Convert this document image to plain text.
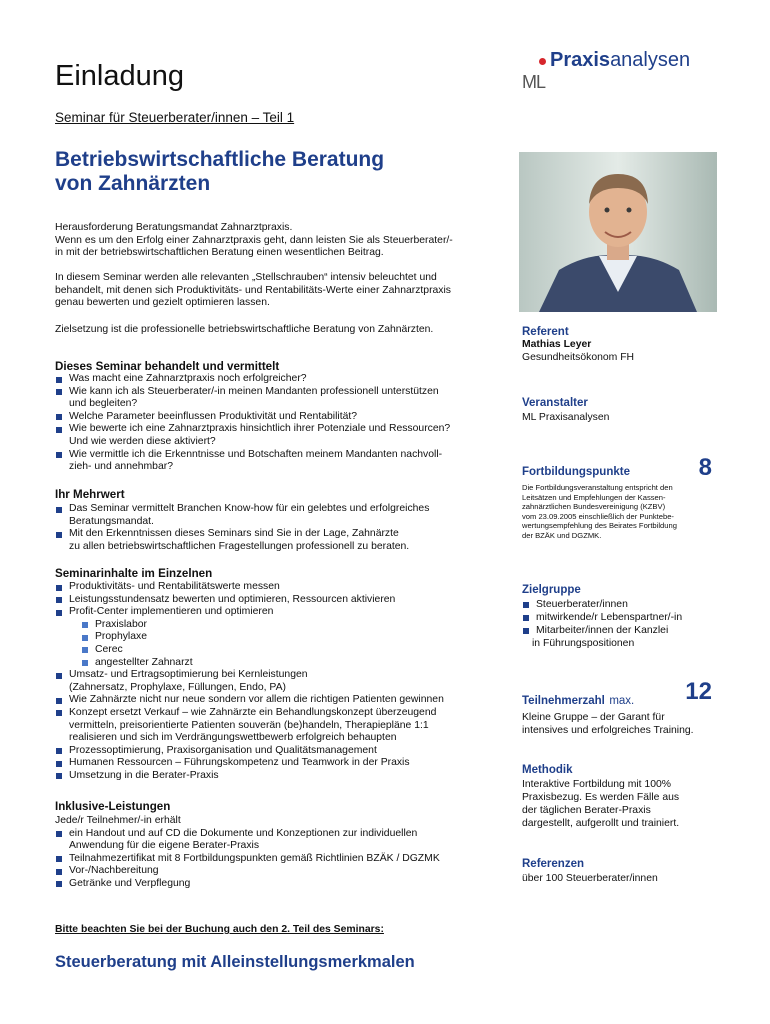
Einladung	Praxisanalysen
ML
Seminar für Steuerberater/innen – Teil 1
Betriebswirtschaftliche Beratung
von Zahnärzten
Herausforderung Beratungsmandat Zahnarztpraxis.
Wenn es um den Erfolg einer Zahnarztpraxis geht, dann leisten Sie als Steuerberater/-
in mit der betriebswirtschaftlichen Beratung einen wesentlichen Beitrag.
In diesem Seminar werden alle relevanten „Stellschrauben“ intensiv beleuchtet und
behandelt, mit denen sich Produktivitäts- und Rentabilitäts-Werte einer Zahnarztpraxis
genau bewerten und gezielt optimieren lassen.
Zielsetzung ist die professionelle betriebswirtschaftliche Beratung von Zahnärzten.
Dieses Seminar behandelt und vermittelt
Was macht eine Zahnarztpraxis noch erfolgreicher?
Wie kann ich als Steuerberater/-in meinen Mandanten professionell unterstützen
und begleiten?
Welche Parameter beeinflussen Produktivität und Rentabilität?
Wie bewerte ich eine Zahnarztpraxis hinsichtlich ihrer Potenziale und Ressourcen?
Und wie werden diese aktiviert?
Wie vermittle ich die Erkenntnisse und Botschaften meinem Mandanten nachvoll-
zieh- und annehmbar?
Ihr Mehrwert
Das Seminar vermittelt Branchen Know-how für ein gelebtes und erfolgreiches
Beratungsmandat.
Mit den Erkenntnissen dieses Seminars sind Sie in der Lage, Zahnärzte
zu allen betriebswirtschaftlichen Fragestellungen professionell zu beraten.
Seminarinhalte im Einzelnen
Produktivitäts- und Rentabilitätswerte messen
Leistungsstundensatz bewerten und optimieren, Ressourcen aktivieren
Profit-Center implementieren und optimieren
Praxislabor
Prophylaxe
Cerec
angestellter Zahnarzt
Umsatz- und Ertragsoptimierung bei Kernleistungen
(Zahnersatz, Prophylaxe, Füllungen, Endo, PA)
Wie Zahnärzte nicht nur neue sondern vor allem die richtigen Patienten gewinnen
Konzept ersetzt Verkauf – wie Zahnärzte ein Behandlungskonzept überzeugend
vermitteln, preisorientierte Patienten souverän (be)handeln, Therapiepläne 1:1
realisieren und sich im Verdrängungswettbewerb erfolgreich behaupten
Prozessoptimierung, Praxisorganisation und Qualitätsmanagement
Humanen Ressourcen – Führungskompetenz und Teamwork in der Praxis
Umsetzung in die Berater-Praxis
Inklusive-Leistungen
Jede/r Teilnehmer/-in erhält
ein Handout und auf CD die Dokumente und Konzeptionen zur individuellen
Anwendung für die eigene Berater-Praxis
Teilnahmezertifikat mit 8 Fortbildungspunkten gemäß Richtlinien BZÄK / DGZMK
Vor-/Nachbereitung
Getränke und Verpflegung
Bitte beachten Sie bei der Buchung auch den 2. Teil des Seminars:
Steuerberatung mit Alleinstellungsmerkmalen
Referent
Mathias Leyer
Gesundheitsökonom FH
Veranstalter
ML Praxisanalysen
Fortbildungspunkte	8
Die Fortbildungsveranstaltung entspricht den
Leitsätzen und Empfehlungen der Kassen-
zahnärztlichen Bundesvereinigung (KZBV)
vom 23.09.2005 einschließlich der Punktebe-
wertungsempfehlung des Beirates Fortbildung
der BZÄK und DGZMK.
Zielgruppe
Steuerberater/innen
mitwirkende/r Lebenspartner/-in
Mitarbeiter/innen der Kanzlei
in Führungspositionen
Teilnehmerzahl max. 12
Kleine Gruppe – der Garant für
intensives und erfolgreiches Training.
Methodik
Interaktive Fortbildung mit 100%
Praxisbezug. Es werden Fälle aus
der täglichen Berater-Praxis
dargestellt, aufgerollt und trainiert.
Referenzen
über 100 Steuerberater/innen
